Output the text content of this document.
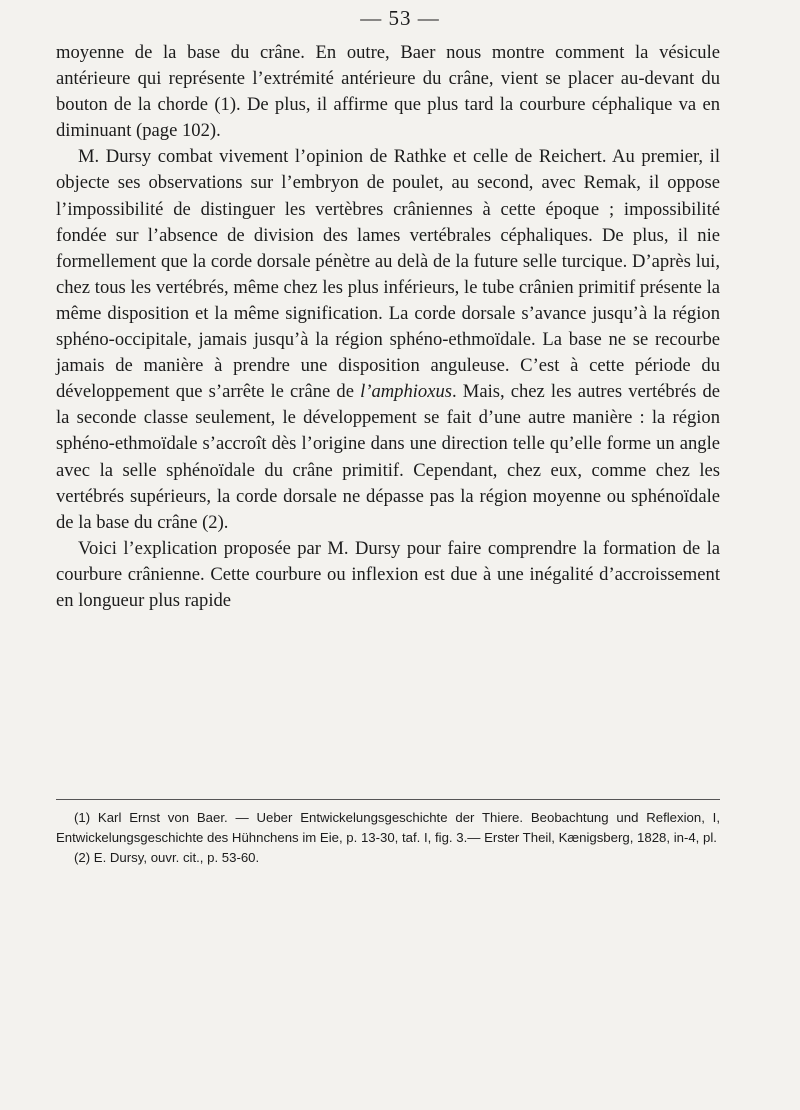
— 53 —

moyenne de la base du crâne. En outre, Baer nous montre comment la vésicule antérieure qui représente l’extrémité antérieure du crâne, vient se placer au-devant du bouton de la chorde (1). De plus, il affirme que plus tard la courbure céphalique va en diminuant (page 102).

M. Dursy combat vivement l’opinion de Rathke et celle de Reichert. Au premier, il objecte ses observations sur l’embryon de poulet, au second, avec Remak, il oppose l’impossibilité de distinguer les vertèbres crâniennes à cette époque ; impossibilité fondée sur l’absence de division des lames vertébrales céphaliques. De plus, il nie formellement que la corde dorsale pénètre au delà de la future selle turcique. D’après lui, chez tous les vertébrés, même chez les plus inférieurs, le tube crânien primitif présente la même disposition et la même signification. La corde dorsale s’avance jusqu’à la région sphéno-occipitale, jamais jusqu’à la région sphéno-ethmoïdale. La base ne se recourbe jamais de manière à prendre une disposition anguleuse. C’est à cette période du développement que s’arrête le crâne de l’amphioxus. Mais, chez les autres vertébrés de la seconde classe seulement, le développement se fait d’une autre manière : la région sphéno-ethmoïdale s’accroît dès l’origine dans une direction telle qu’elle forme un angle avec la selle sphénoïdale du crâne primitif. Cependant, chez eux, comme chez les vertébrés supérieurs, la corde dorsale ne dépasse pas la région moyenne ou sphénoïdale de la base du crâne (2).

Voici l’explication proposée par M. Dursy pour faire comprendre la formation de la courbure crânienne. Cette courbure ou inflexion est due à une inégalité d’accroissement en longueur plus rapide

(1) Karl Ernst von Baer. — Ueber Entwickelungsgeschichte der Thiere. Beobachtung und Reflexion, I, Entwickelungsgeschichte des Hühnchens im Eie, p. 13-30, taf. I, fig. 3.— Erster Theil, Kænigsberg, 1828, in-4, pl.

(2) E. Dursy, ouvr. cit., p. 53-60.
